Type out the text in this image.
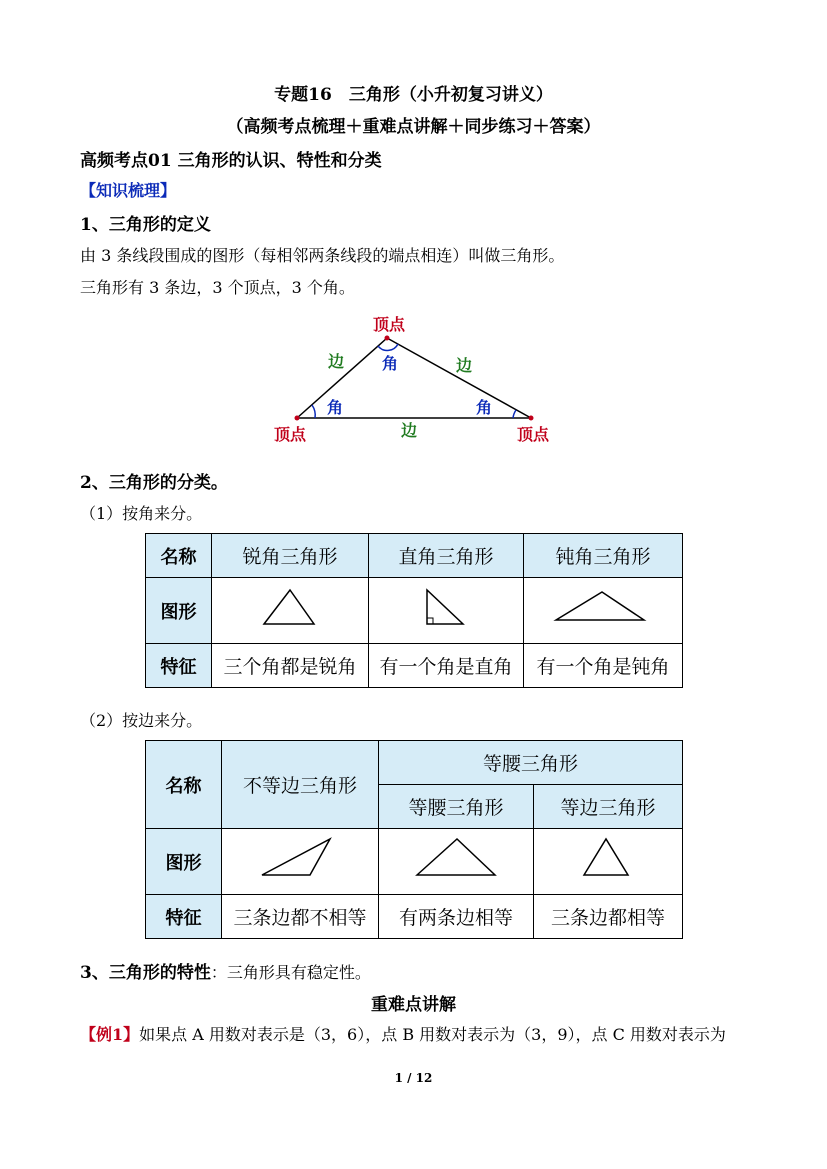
专题16　三角形（小升初复习讲义）
（高频考点梳理＋重难点讲解＋同步练习＋答案）
高频考点01 三角形的认识、特性和分类
【知识梳理】
1、三角形的定义
由 3 条线段围成的图形（每相邻两条线段的端点相连）叫做三角形。
三角形有 3 条边，3 个顶点，3 个角。
顶点
顶点	顶点
边	边
边
角
角	角
2、三角形的分类。
（1）按角来分。
名称	锐角三角形	直角三角形	钝角三角形
图形			
特征	三个角都是锐角	有一个角是直角	有一个角是钝角
（2）按边来分。
名称	不等边三角形	等腰三角形	
		等腰三角形	等边三角形
图形			
特征	三条边都不相等	有两条边相等	三条边都相等
3、三角形的特性：三角形具有稳定性。
重难点讲解
【例1】如果点 A 用数对表示是（3，6），点 B 用数对表示为（3，9），点 C 用数对表示为
1 / 12
